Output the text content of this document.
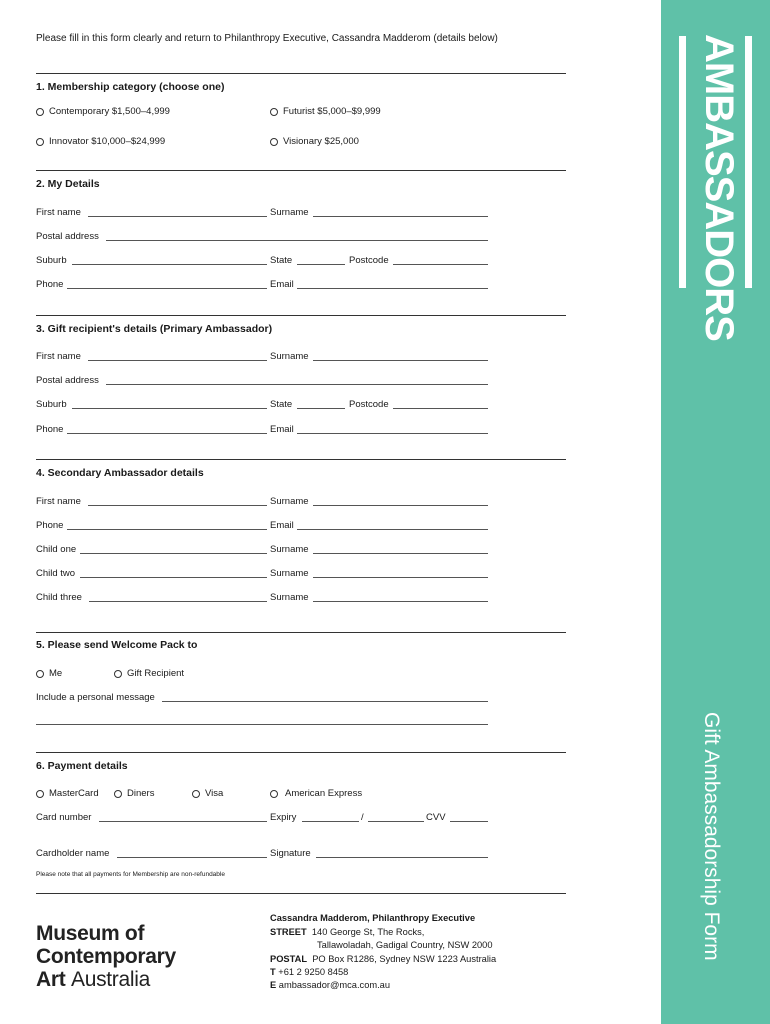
Please fill in this form clearly and return to Philanthropy Executive, Cassandra Madderom (details below)
1. Membership category (choose one)
Contemporary $1,500–4,999	Futurist $5,000–$9,999
Innovator $10,000–$24,999	Visionary $25,000
2. My Details
First name	Surname
Postal address
Suburb	State	Postcode
Phone	Email
3. Gift recipient's details (Primary Ambassador)
First name	Surname
Postal address
Suburb	State	Postcode
Phone	Email
4. Secondary Ambassador details
First name	Surname
Phone	Email
Child one	Surname
Child two	Surname
Child three	Surname
5. Please send Welcome Pack to
Me	Gift Recipient
Include a personal message
6. Payment details
MasterCard	Diners	Visa	American Express
Card number	Expiry	/	CVV
Cardholder name	Signature
Please note that all payments for Membership are non-refundable
Museum of
Contemporary
Art Australia
Cassandra Madderom, Philanthropy Executive
STREET 140 George St, The Rocks,
Tallawoladah, Gadigal Country, NSW 2000
POSTAL PO Box R1286, Sydney NSW 1223 Australia
T +61 2 9250 8458
E ambassador@mca.com.au
AMBASSADORS
Gift Ambassadorship Form
